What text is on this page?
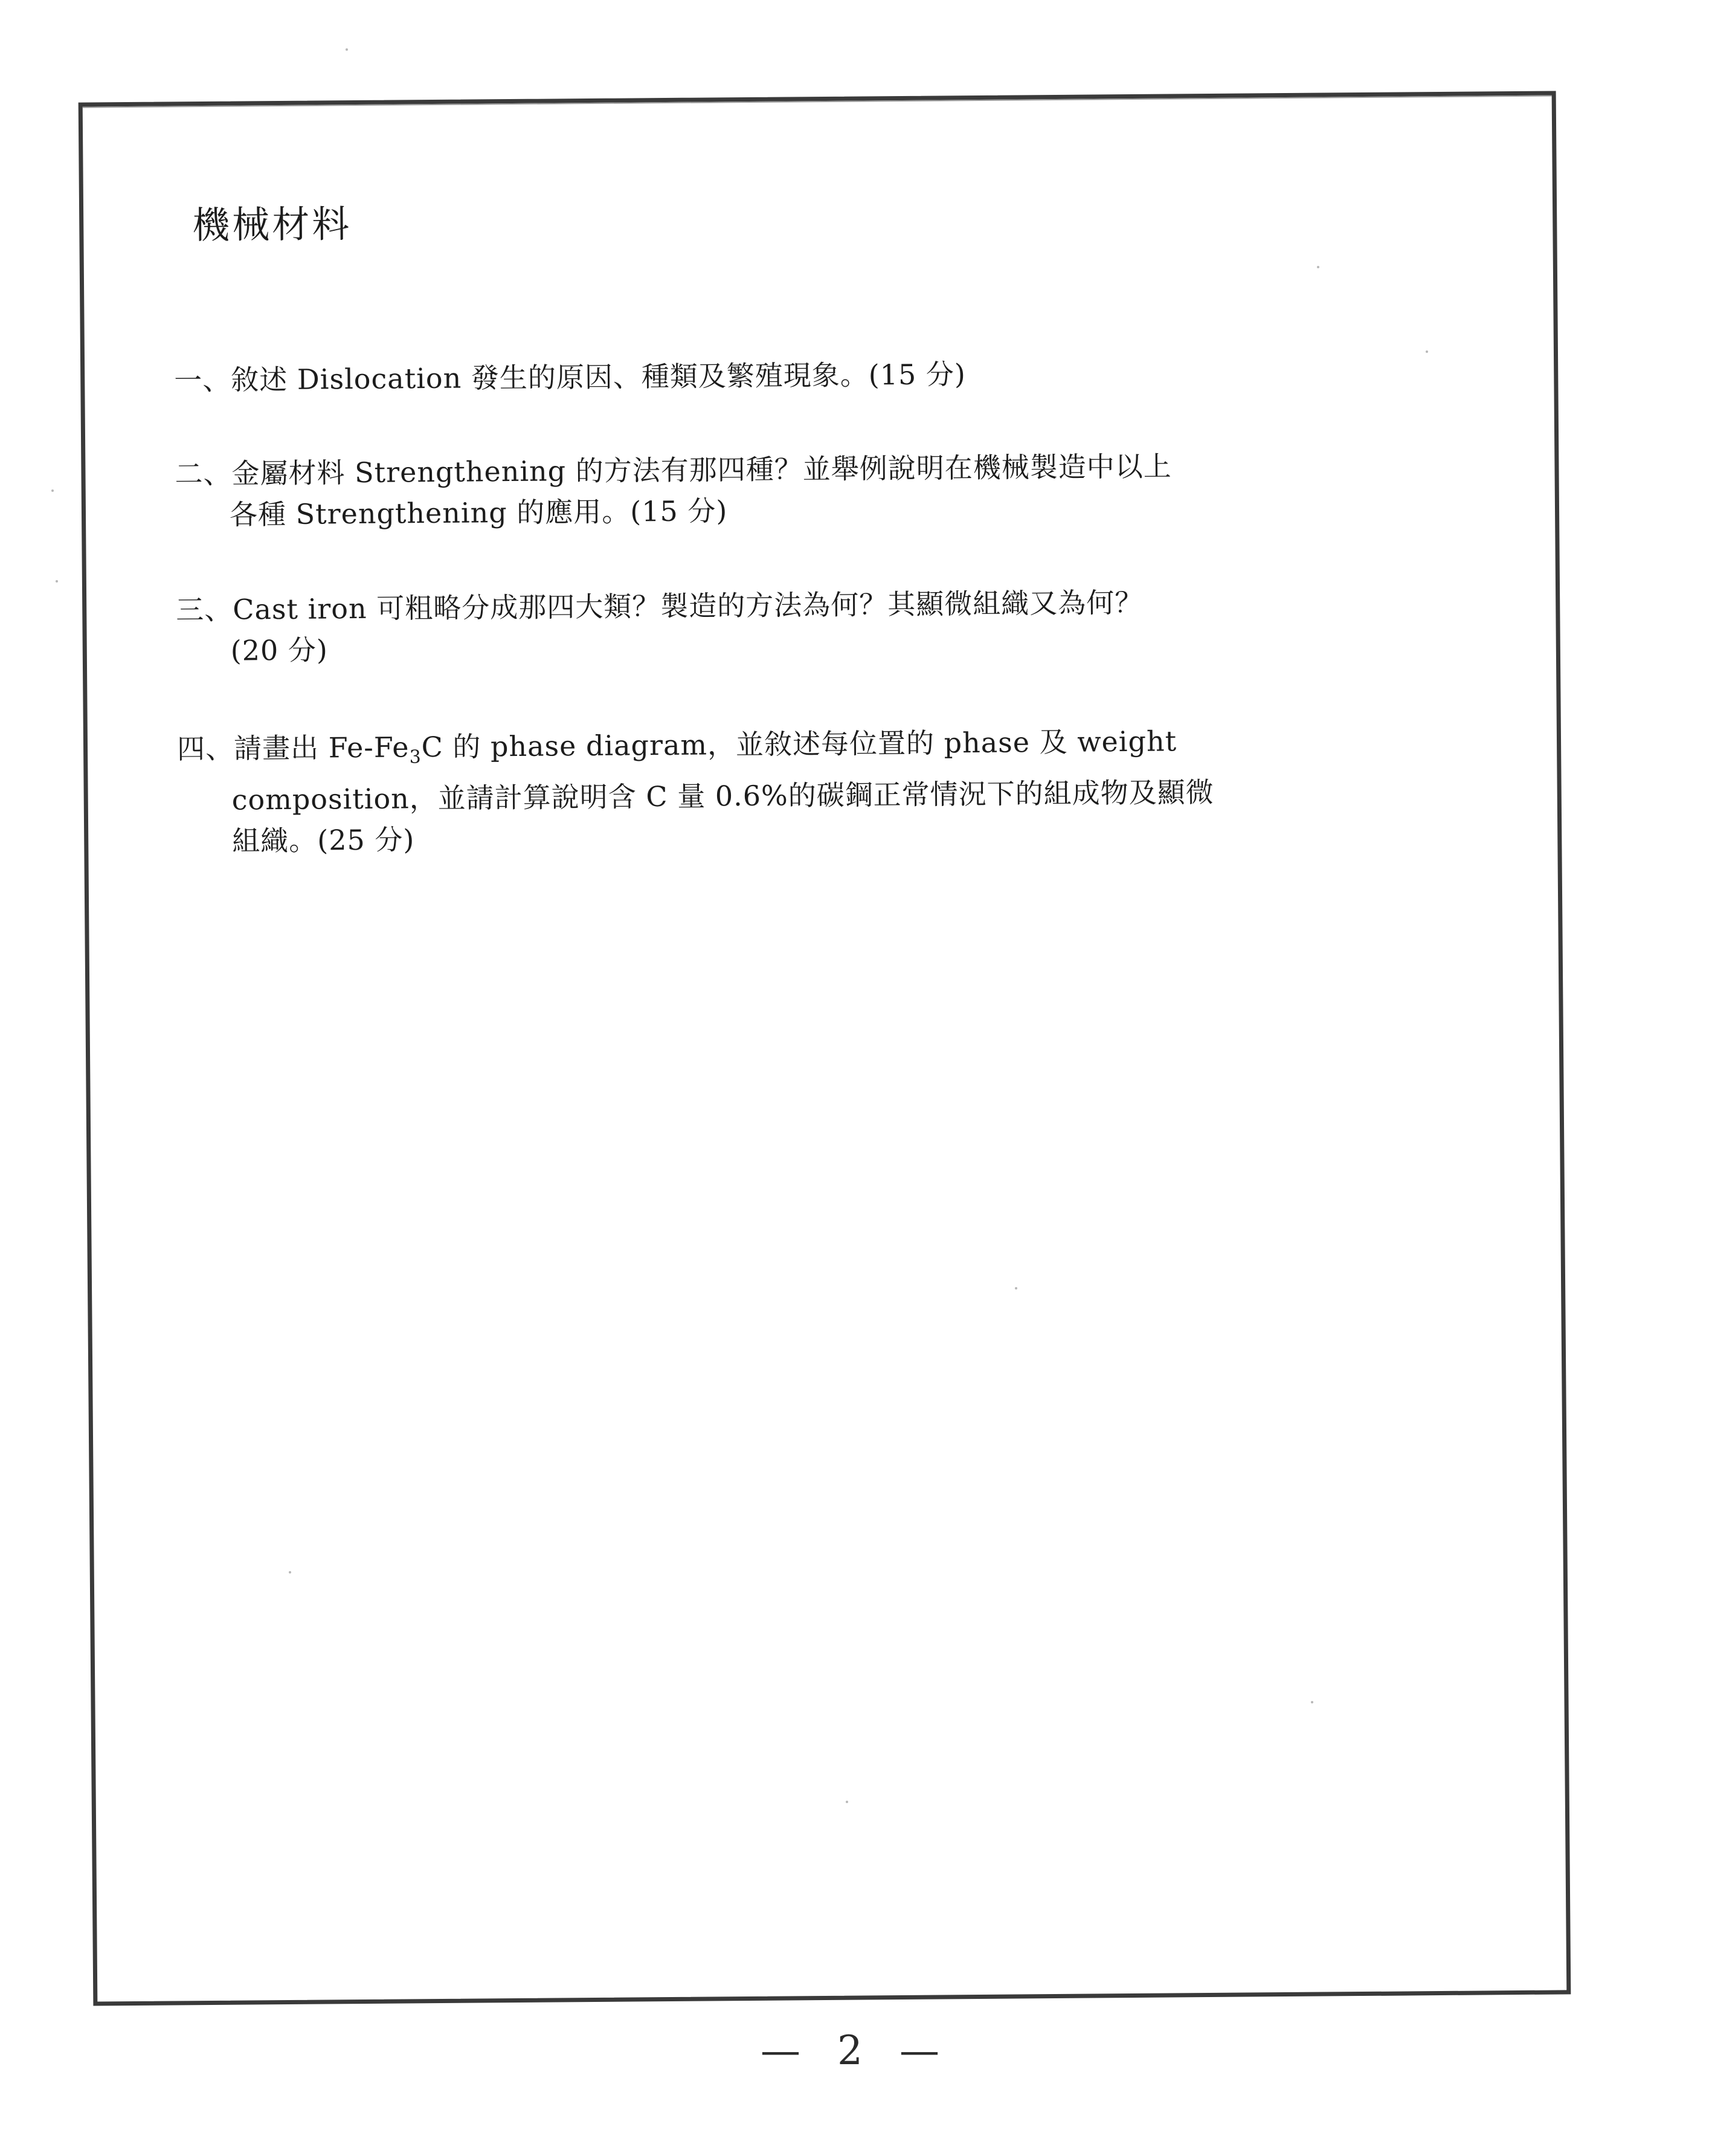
機械材料
一、敘述 Dislocation 發生的原因、種類及繁殖現象。(15 分)
二、金屬材料 Strengthening 的方法有那四種？並舉例說明在機械製造中以上
各種 Strengthening 的應用。(15 分)
三、Cast iron 可粗略分成那四大類？製造的方法為何？其顯微組織又為何？
(20 分)
四、請畫出 $Fe-Fe_3C$ 的 phase diagram，並敘述每位置的 phase 及 weight
composition，並請計算說明含 C 量 0.6%的碳鋼正常情況下的組成物及顯微
組織。(25 分)
— 2 —
